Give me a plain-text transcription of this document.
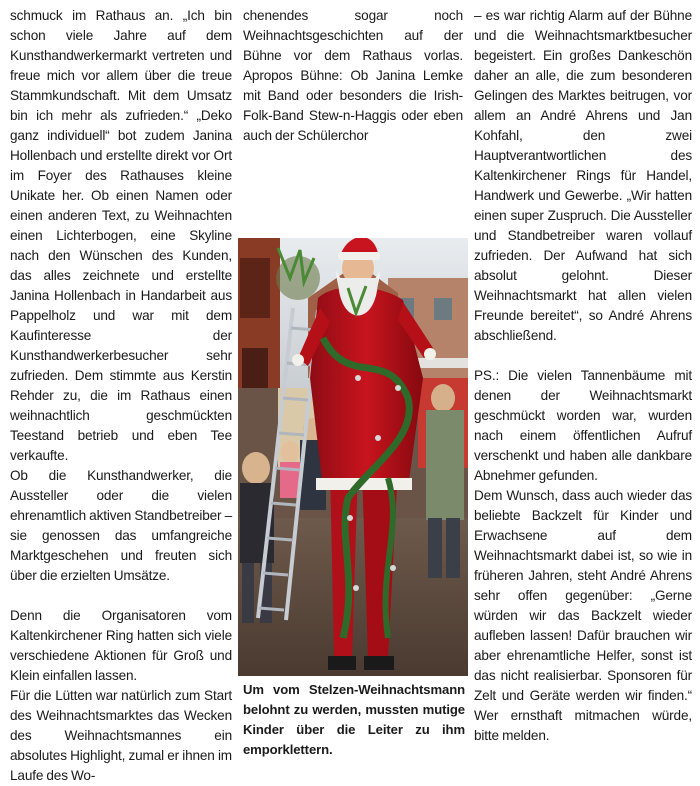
schmuck im Rathaus an. „Ich bin schon viele Jahre auf dem Kunsthandwerkermarkt vertreten und freue mich vor allem über die treue Stammkundschaft. Mit dem Umsatz bin ich mehr als zufrieden.“ „Deko ganz individuell“ bot zudem Janina Hollenbach und erstellte direkt vor Ort im Foyer des Rathauses kleine Unikate her. Ob einen Namen oder einen anderen Text, zu Weihnachten einen Lichterbogen, eine Skyline nach den Wünschen des Kunden, das alles zeichnete und erstellte Janina Hollenbach in Handarbeit aus Pappelholz und war mit dem Kaufinteresse der Kunsthandwerkerbesucher sehr zufrieden. Dem stimmte aus Kerstin Rehder zu, die im Rathaus einen weihnachtlich geschmückten Teestand betrieb und eben Tee verkaufte.

Ob die Kunsthandwerker, die Aussteller oder die vielen ehrenamtlich aktiven Standbetreiber – sie genossen das umfangreiche Marktgeschehen und freuten sich über die erzielten Umsätze.

Denn die Organisatoren vom Kaltenkirchener Ring hatten sich viele verschiedene Aktionen für Groß und Klein einfallen lassen.

Für die Lütten war natürlich zum Start des Weihnachtsmarktes das Wecken des Weihnachtsmannes ein absolutes Highlight, zumal er ihnen im Laufe des Wo-

chenendes sogar noch Weihnachtsgeschichten auf der Bühne vor dem Rathaus vorlas. Apropos Bühne: Ob Janina Lemke mit Band oder besonders die Irish-Folk-Band Stew-n-Haggis oder eben auch der Schülerchor

– es war richtig Alarm auf der Bühne und die Weihnachtsmarktbesucher begeistert. Ein großes Dankeschön daher an alle, die zum besonderen Gelingen des Marktes beitrugen, vor allem an André Ahrens und Jan Kohfahl, den zwei Hauptverantwortlichen des Kaltenkirchener Rings für Handel, Handwerk und Gewerbe. „Wir hatten einen super Zuspruch. Die Aussteller und Standbetreiber waren vollauf zufrieden. Der Aufwand hat sich absolut gelohnt. Dieser Weihnachtsmarkt hat allen vielen Freunde bereitet“, so André Ahrens abschließend.

PS.: Die vielen Tannenbäume mit denen der Weihnachtsmarkt geschmückt worden war, wurden nach einem öffentlichen Aufruf verschenkt und haben alle dankbare Abnehmer gefunden.

Dem Wunsch, dass auch wieder das beliebte Backzelt für Kinder und Erwachsene auf dem Weihnachtsmarkt dabei ist, so wie in früheren Jahren, steht André Ahrens sehr offen gegenüber: „Gerne würden wir das Backzelt wieder aufleben lassen! Dafür brauchen wir aber ehrenamtliche Helfer, sonst ist das nicht realisierbar. Sponsoren für Zelt und Geräte werden wir finden.“ Wer ernsthaft mitmachen würde, bitte melden.

Um vom Stelzen-Weihnachtsmann belohnt zu werden, mussten mutige Kinder über die Leiter zu ihm emporklettern.
